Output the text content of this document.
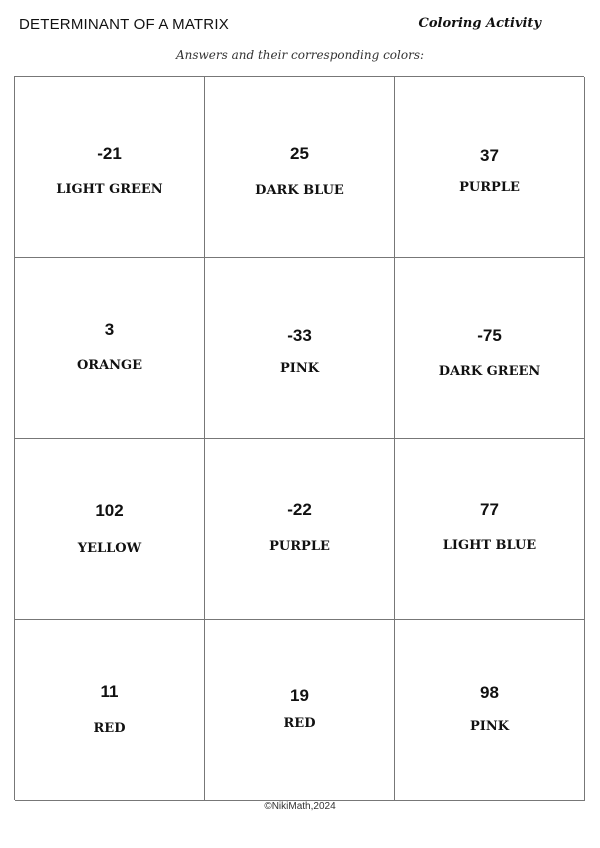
DETERMINANT OF A MATRIX	Coloring Activity
Answers and their corresponding colors:
-21
LIGHT GREEN
25
DARK BLUE
37
PURPLE
3
ORANGE
-33
PINK
-75
DARK GREEN
102
YELLOW
-22
PURPLE
77
LIGHT BLUE
11
RED
19
RED
98
PINK
©NikiMath,2024
